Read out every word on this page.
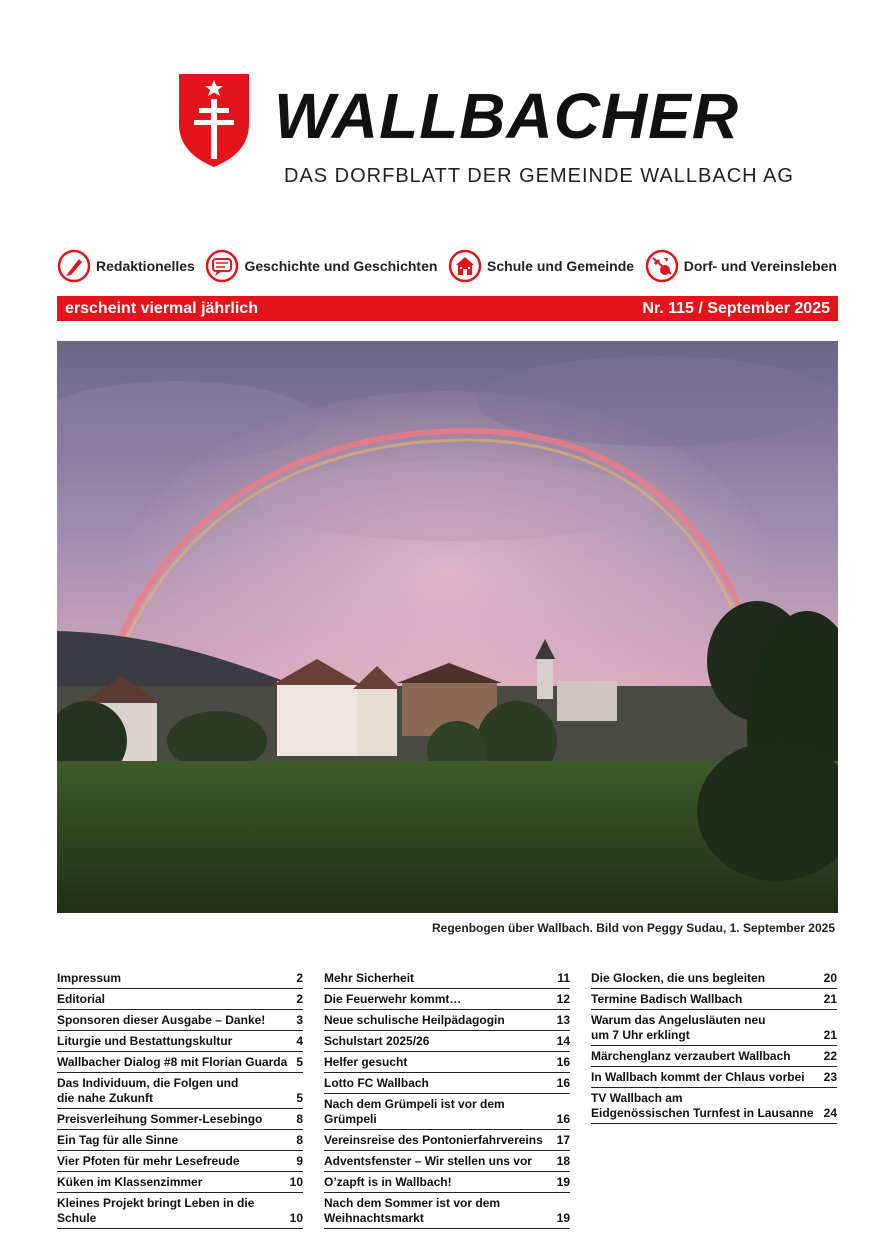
WALLBACHER
DAS DORFBLATT DER GEMEINDE WALLBACH AG
Redaktionelles	Geschichte und Geschichten	Schule und Gemeinde	Dorf- und Vereinsleben
erscheint viermal jährlich	Nr. 115 / September 2025
Regenbogen über Wallbach. Bild von Peggy Sudau, 1. September 2025
Impressum	2
Editorial	2
Sponsoren dieser Ausgabe – Danke!	3
Liturgie und Bestattungskultur	4
Wallbacher Dialog #8 mit Florian Guarda 5
Das Individuum, die Folgen und
die nahe Zukunft	5
Preisverleihung Sommer-Lesebingo	8
Ein Tag für alle Sinne	8
Vier Pfoten für mehr Lesefreude	9
Küken im Klassenzimmer	10
Kleines Projekt bringt Leben in die Schule	10
Mehr Sicherheit	11
Die Feuerwehr kommt…	12
Neue schulische Heilpädagogin	13
Schulstart 2025/26	14
Helfer gesucht	16
Lotto FC Wallbach	16
Nach dem Grümpeli ist vor dem Grümpeli	16
Vereinsreise des Pontonierfahrvereins	17
Adventsfenster – Wir stellen uns vor	18
O’zapft is in Wallbach!	19
Nach dem Sommer ist vor dem
Weihnachtsmarkt	19
Die Glocken, die uns begleiten	20
Termine Badisch Wallbach	21
Warum das Angelusläuten neu
um 7 Uhr erklingt	21
Märchenglanz verzaubert Wallbach	22
In Wallbach kommt der Chlaus vorbei	23
TV Wallbach am
Eidgenössischen Turnfest in Lausanne 24
